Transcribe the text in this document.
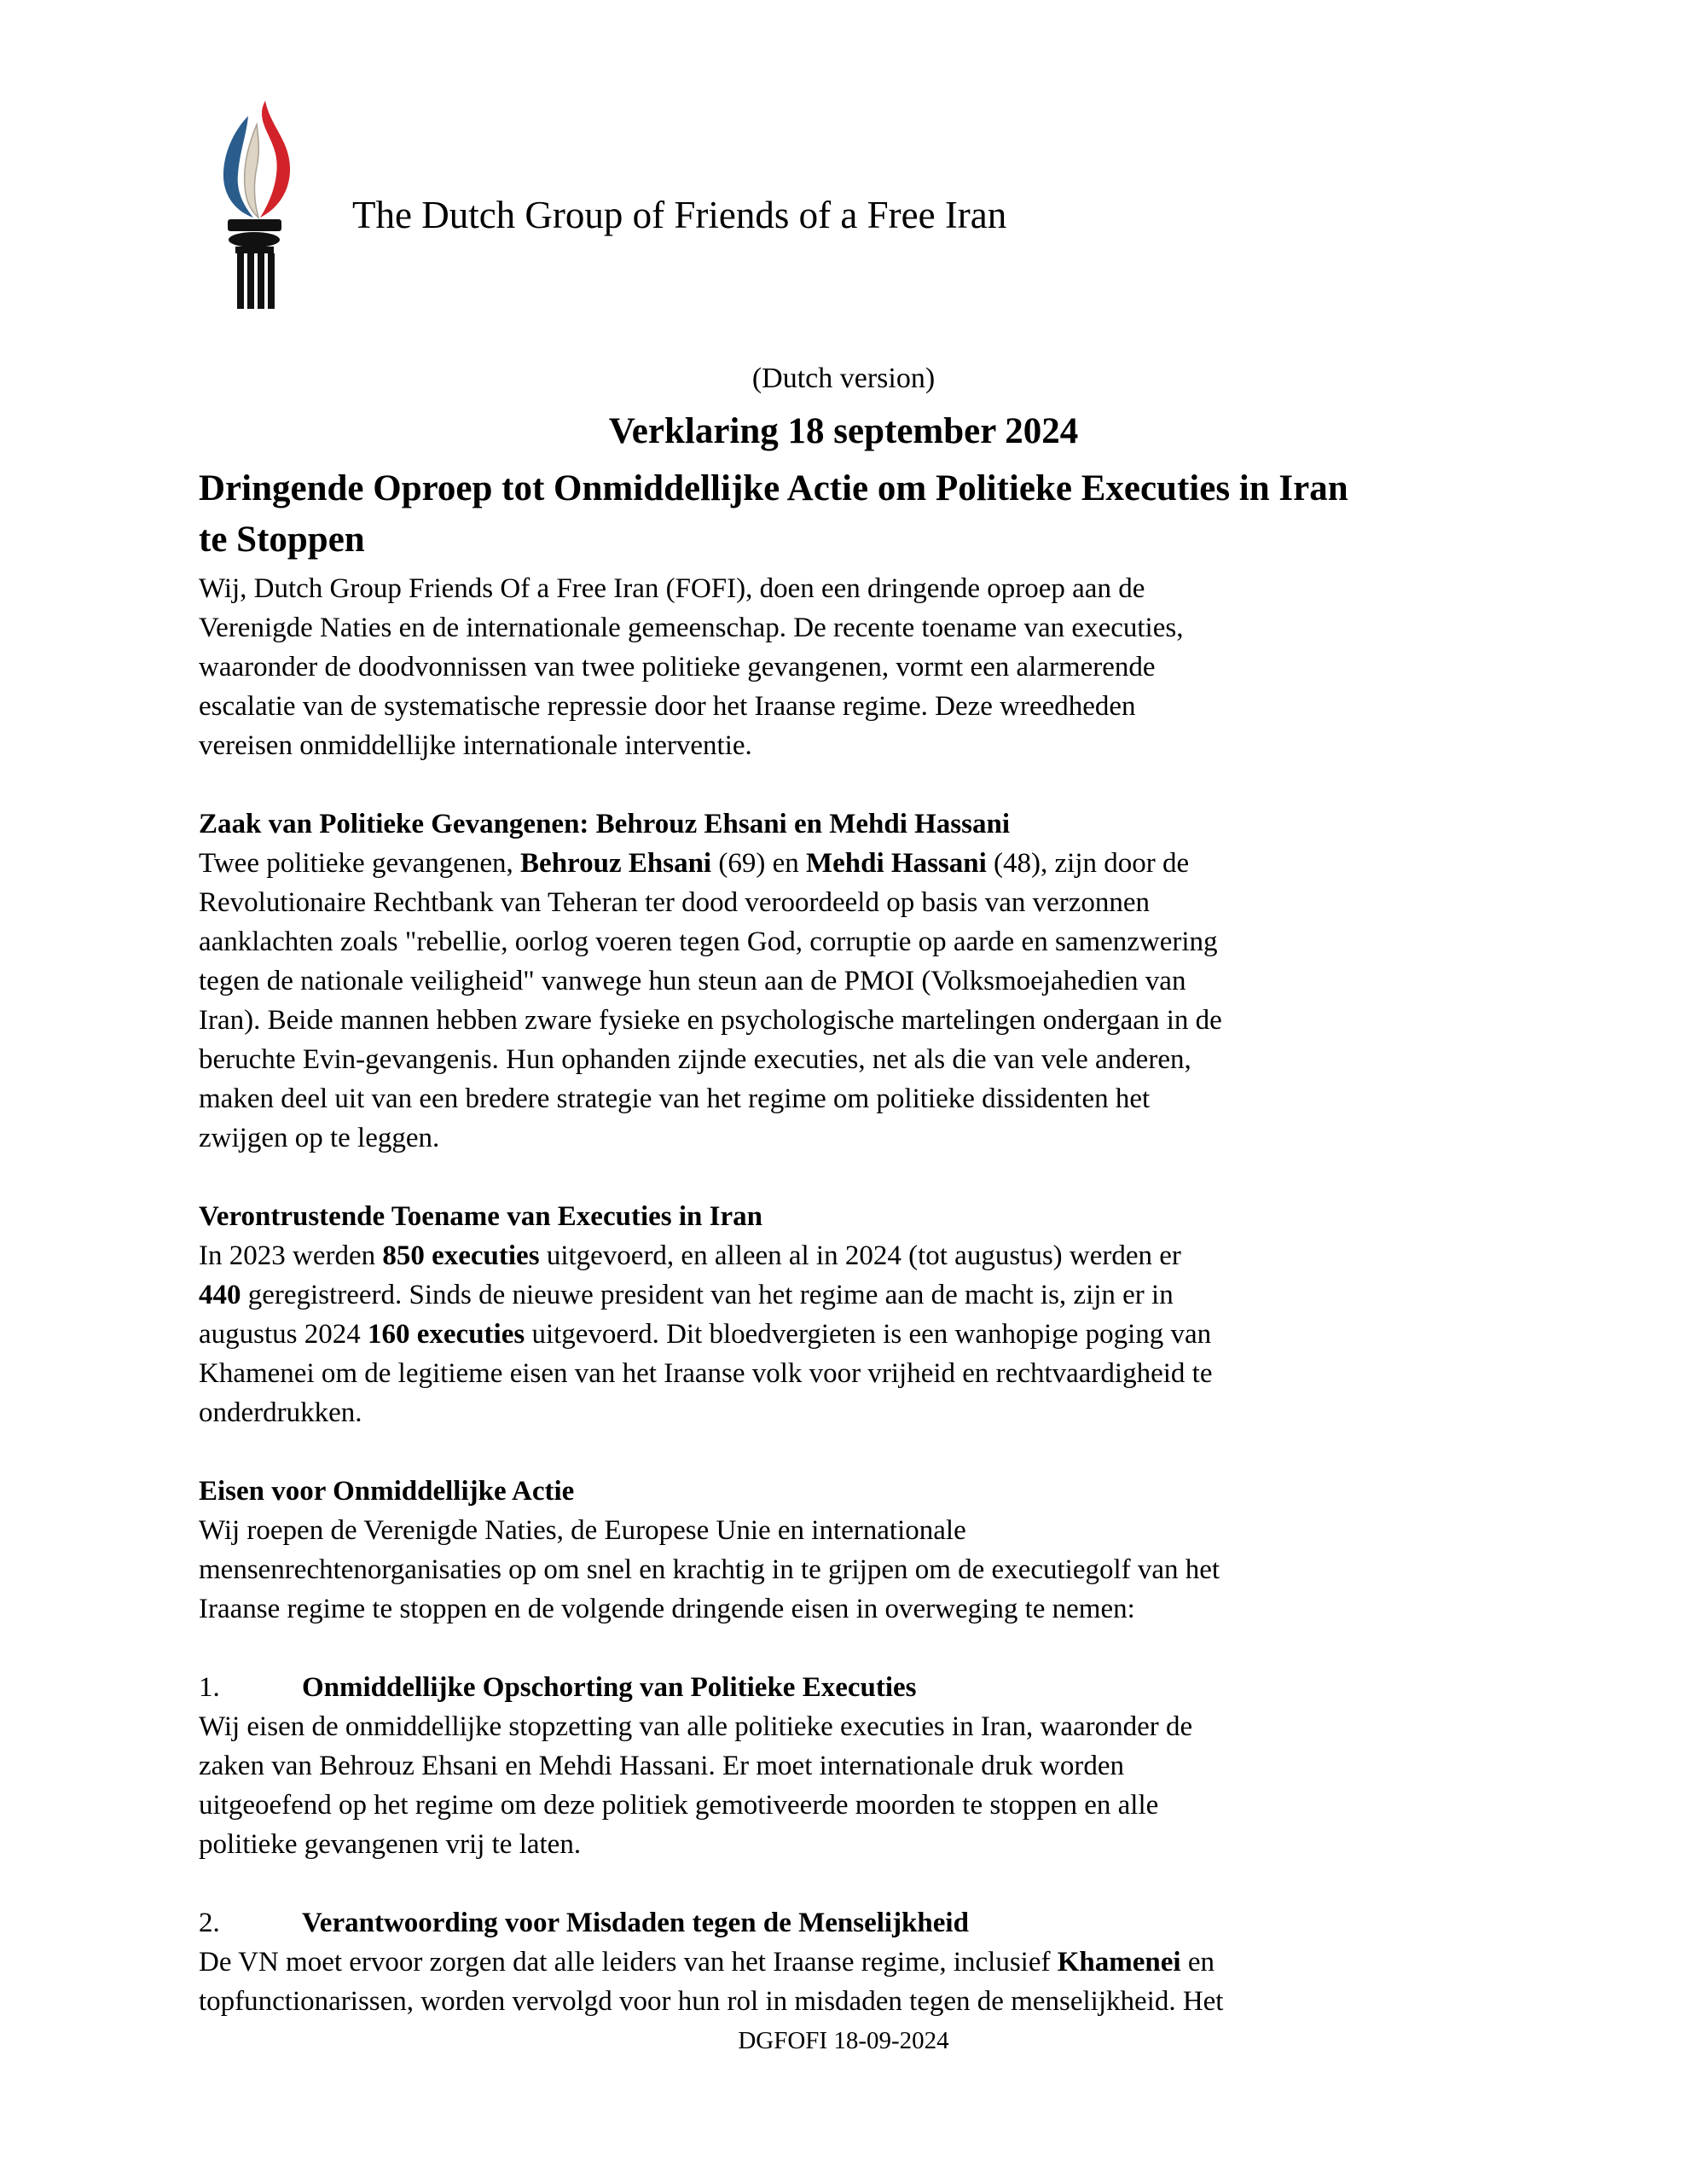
The Dutch Group of Friends of a Free Iran
(Dutch version)
Verklaring 18 september 2024
Dringende Oproep tot Onmiddellijke Actie om Politieke Executies in Iran
te Stoppen
Wij, Dutch Group Friends Of a Free Iran (FOFI), doen een dringende oproep aan de
Verenigde Naties en de internationale gemeenschap. De recente toename van executies,
waaronder de doodvonnissen van twee politieke gevangenen, vormt een alarmerende
escalatie van de systematische repressie door het Iraanse regime. Deze wreedheden
vereisen onmiddellijke internationale interventie.
Zaak van Politieke Gevangenen: Behrouz Ehsani en Mehdi Hassani
Twee politieke gevangenen, Behrouz Ehsani (69) en Mehdi Hassani (48), zijn door de
Revolutionaire Rechtbank van Teheran ter dood veroordeeld op basis van verzonnen
aanklachten zoals "rebellie, oorlog voeren tegen God, corruptie op aarde en samenzwering
tegen de nationale veiligheid" vanwege hun steun aan de PMOI (Volksmoejahedien van
Iran). Beide mannen hebben zware fysieke en psychologische martelingen ondergaan in de
beruchte Evin-gevangenis. Hun ophanden zijnde executies, net als die van vele anderen,
maken deel uit van een bredere strategie van het regime om politieke dissidenten het
zwijgen op te leggen.
Verontrustende Toename van Executies in Iran
In 2023 werden 850 executies uitgevoerd, en alleen al in 2024 (tot augustus) werden er
440 geregistreerd. Sinds de nieuwe president van het regime aan de macht is, zijn er in
augustus 2024 160 executies uitgevoerd. Dit bloedvergieten is een wanhopige poging van
Khamenei om de legitieme eisen van het Iraanse volk voor vrijheid en rechtvaardigheid te
onderdrukken.
Eisen voor Onmiddellijke Actie
Wij roepen de Verenigde Naties, de Europese Unie en internationale
mensenrechtenorganisaties op om snel en krachtig in te grijpen om de executiegolf van het
Iraanse regime te stoppen en de volgende dringende eisen in overweging te nemen:
1.	Onmiddellijke Opschorting van Politieke Executies
Wij eisen de onmiddellijke stopzetting van alle politieke executies in Iran, waaronder de
zaken van Behrouz Ehsani en Mehdi Hassani. Er moet internationale druk worden
uitgeoefend op het regime om deze politiek gemotiveerde moorden te stoppen en alle
politieke gevangenen vrij te laten.
2.	Verantwoording voor Misdaden tegen de Menselijkheid
De VN moet ervoor zorgen dat alle leiders van het Iraanse regime, inclusief Khamenei en
topfunctionarissen, worden vervolgd voor hun rol in misdaden tegen de menselijkheid. Het
DGFOFI 18-09-2024
